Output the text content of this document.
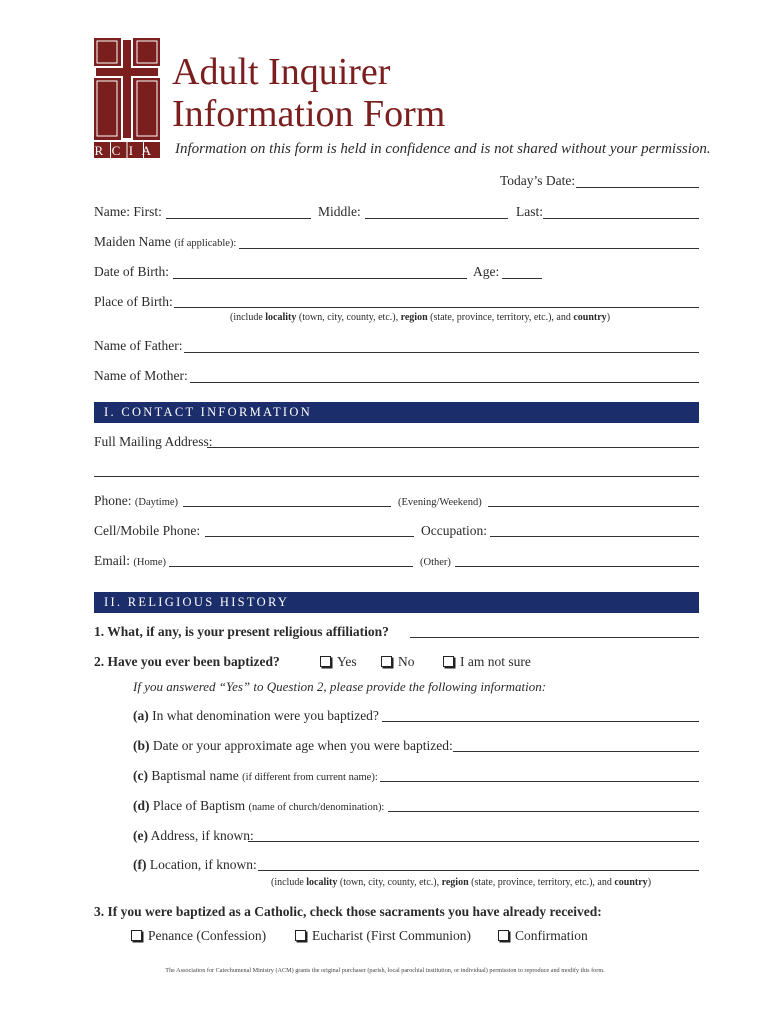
RCIA
Adult Inquirer
Information Form
Information on this form is held in confidence and is not shared without your permission.
Today’s Date:
Name: First:	Middle:	Last:
Maiden Name (if applicable):
Date of Birth:	Age:
Place of Birth:
(include locality (town, city, county, etc.), region (state, province, territory, etc.), and country)
Name of Father:
Name of Mother:
I. CONTACT INFORMATION
Full Mailing Address:
Phone: (Daytime)	(Evening/Weekend)
Cell/Mobile Phone:	Occupation:
Email: (Home)	(Other)
II. RELIGIOUS HISTORY
1. What, if any, is your present religious affiliation?
2. Have you ever been baptized?	Yes	No	I am not sure
If you answered “Yes” to Question 2, please provide the following information:
(a) In what denomination were you baptized?
(b) Date or your approximate age when you were baptized:
(c) Baptismal name (if different from current name):
(d) Place of Baptism (name of church/denomination):
(e) Address, if known:
(f) Location, if known:
(include locality (town, city, county, etc.), region (state, province, territory, etc.), and country)
3. If you were baptized as a Catholic, check those sacraments you have already received:
Penance (Confession)	Eucharist (First Communion)	Confirmation
The Association for Catechumenal Ministry (ACM) grants the original purchaser (parish, local parochial institution, or individual) permission to reproduce and modify this form.
